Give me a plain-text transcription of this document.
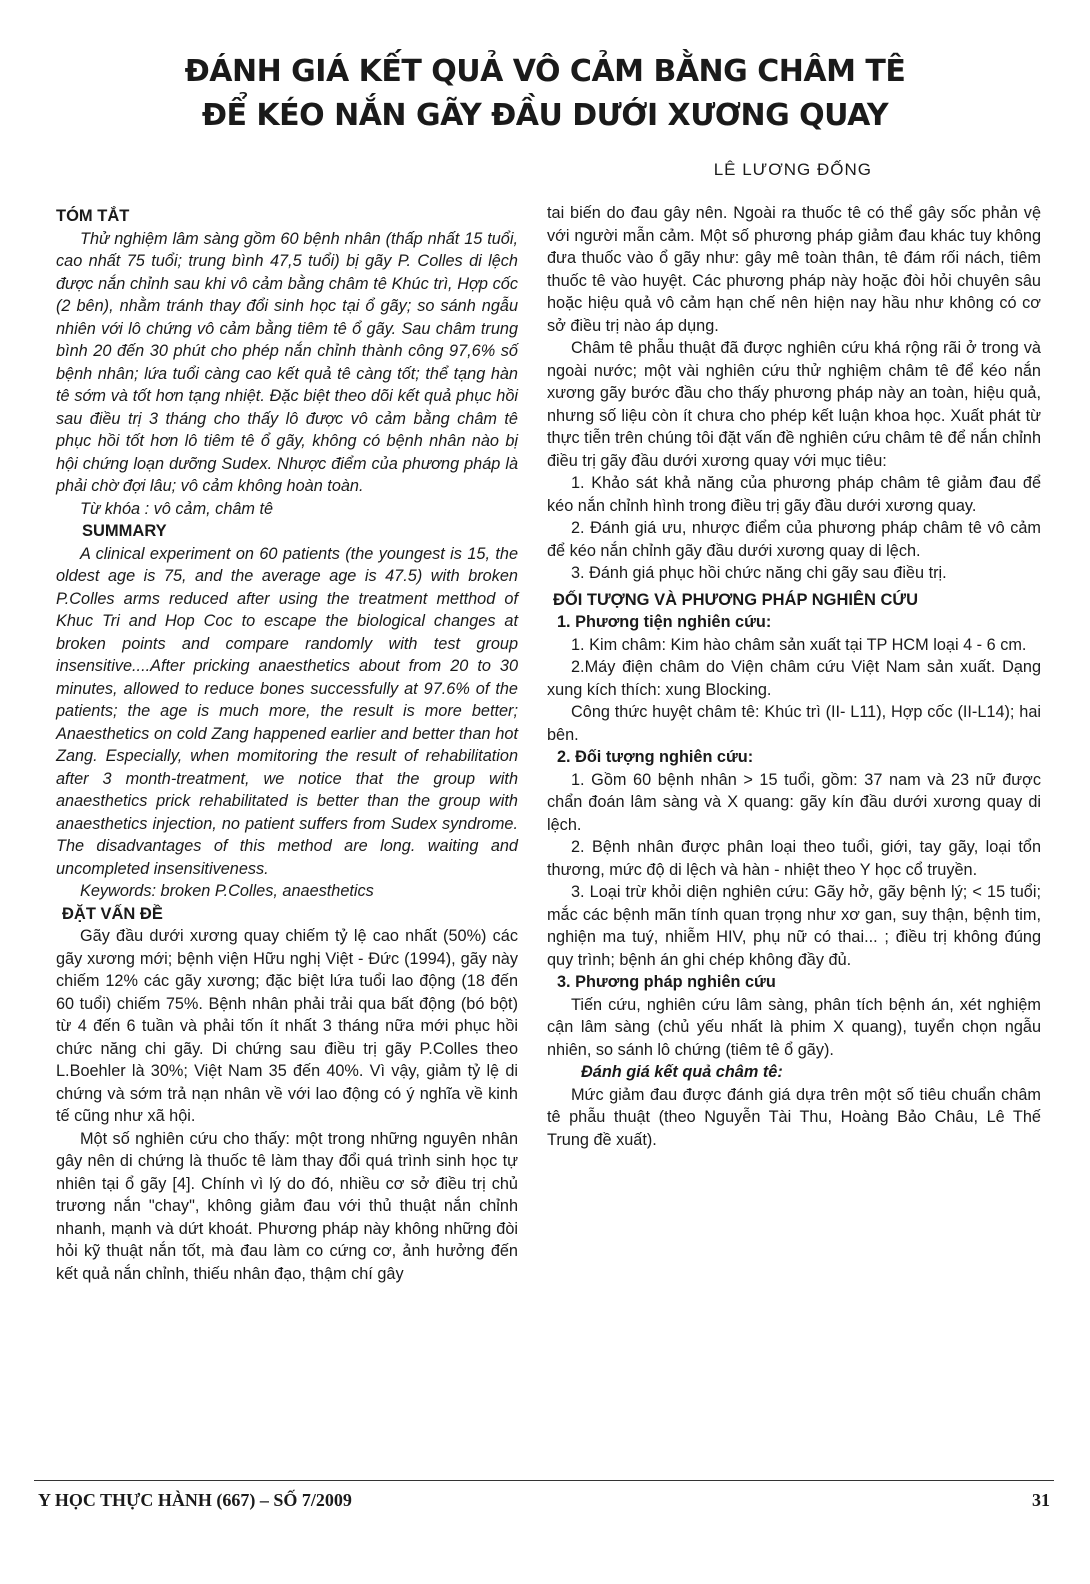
ĐÁNH GIÁ KẾT QUẢ VÔ CẢM BẰNG CHÂM TÊ
ĐỂ KÉO NẮN GÃY ĐẦU DƯỚI XƯƠNG QUAY

LÊ LƯƠNG ĐỐNG

TÓM TẮT

Thử nghiệm lâm sàng gồm 60 bệnh nhân (thấp nhất 15 tuổi, cao nhất 75 tuổi; trung bình 47,5 tuổi) bị gãy P. Colles di lệch được nắn chỉnh sau khi vô cảm bằng châm tê Khúc trì, Hợp cốc (2 bên), nhằm tránh thay đổi sinh học tại ổ gãy; so sánh ngẫu nhiên với lô chứng vô cảm bằng tiêm tê ổ gãy. Sau châm trung bình 20 đến 30 phút cho phép nắn chỉnh thành công 97,6% số bệnh nhân; lứa tuổi càng cao kết quả tê càng tốt; thể tạng hàn tê sớm và tốt hơn tạng nhiệt. Đặc biệt theo dõi kết quả phục hồi sau điều trị 3 tháng cho thấy lô được vô cảm bằng châm tê phục hồi tốt hơn lô tiêm tê ổ gãy, không có bệnh nhân nào bị hội chứng loạn dưỡng Sudex. Nhược điểm của phương pháp là phải chờ đợi lâu; vô cảm không hoàn toàn.

Từ khóa : vô cảm, châm tê

SUMMARY

A clinical experiment on 60 patients (the youngest is 15, the oldest age is 75, and the average age is 47.5) with broken P.Colles arms reduced after using the treatment metthod of Khuc Tri and Hop Coc to escape the biological changes at broken points and compare randomly with test group insensitive....After pricking anaesthetics about from 20 to 30 minutes, allowed to reduce bones successfully at 97.6% of the patients; the age is much more, the result is more better; Anaesthetics on cold Zang happened earlier and better than hot Zang. Especially, when momitoring the result of rehabilitation after 3 month-treatment, we notice that the group with anaesthetics prick rehabilitated is better than the group with anaesthetics injection, no patient suffers from Sudex syndrome. The disadvantages of this method are long. waiting and uncompleted insensitiveness.

Keywords: broken P.Colles, anaesthetics

ĐẶT VẤN ĐỀ

Gãy đầu dưới xương quay chiếm tỷ lệ cao nhất (50%) các gãy xương mới; bệnh viện Hữu nghị Việt - Đức (1994), gãy này chiếm 12% các gãy xương; đặc biệt lứa tuổi lao động (18 đến 60 tuổi) chiếm 75%. Bệnh nhân phải trải qua bất động (bó bột) từ 4 đến 6 tuần và phải tốn ít nhất 3 tháng nữa mới phục hồi chức năng chi gãy. Di chứng sau điều trị gãy P.Colles theo L.Boehler là 30%; Việt Nam 35 đến 40%. Vì vậy, giảm tỷ lệ di chứng và sớm trả nạn nhân về với lao động có ý nghĩa về kinh tế cũng như xã hội.

Một số nghiên cứu cho thấy: một trong những nguyên nhân gây nên di chứng là thuốc tê làm thay đổi quá trình sinh học tự nhiên tại ổ gãy [4]. Chính vì lý do đó, nhiều cơ sở điều trị chủ trương nắn "chay", không giảm đau với thủ thuật nắn chỉnh nhanh, mạnh và dứt khoát. Phương pháp này không những đòi hỏi kỹ thuật nắn tốt, mà đau làm co cứng cơ, ảnh hưởng đến kết quả nắn chỉnh, thiếu nhân đạo, thậm chí gây

tai biến do đau gây nên. Ngoài ra thuốc tê có thể gây sốc phản vệ với người mẫn cảm. Một số phương pháp giảm đau khác tuy không đưa thuốc vào ổ gãy như: gây mê toàn thân, tê đám rối nách, tiêm thuốc tê vào huyệt. Các phương pháp này hoặc đòi hỏi chuyên sâu hoặc hiệu quả vô cảm hạn chế nên hiện nay hầu như không có cơ sở điều trị nào áp dụng.

Châm tê phẫu thuật đã được nghiên cứu khá rộng rãi ở trong và ngoài nước; một vài nghiên cứu thử nghiệm châm tê để kéo nắn xương gãy bước đầu cho thấy phương pháp này an toàn, hiệu quả, nhưng số liệu còn ít chưa cho phép kết luận khoa học. Xuất phát từ thực tiễn trên chúng tôi đặt vấn đề nghiên cứu châm tê để nắn chỉnh điều trị gãy đầu dưới xương quay với mục tiêu:

1. Khảo sát khả năng của phương pháp châm tê giảm đau để kéo nắn chỉnh hình trong điều trị gãy đầu dưới xương quay.

2. Đánh giá ưu, nhược điểm của phương pháp châm tê vô cảm để kéo nắn chỉnh gãy đầu dưới xương quay di lệch.

3. Đánh giá phục hồi chức năng chi gãy sau điều trị.

ĐỐI TƯỢNG VÀ PHƯƠNG PHÁP NGHIÊN CỨU

1. Phương tiện nghiên cứu:

1. Kim châm: Kim hào châm sản xuất tại TP HCM loại 4 - 6 cm.

2.Máy điện châm do Viện châm cứu Việt Nam sản xuất. Dạng xung kích thích: xung Blocking.

Công thức huyệt châm tê: Khúc trì (II- L11), Hợp cốc (II-L14); hai bên.

2. Đối tượng nghiên cứu:

1. Gồm 60 bệnh nhân > 15 tuổi, gồm: 37 nam và 23 nữ được chẩn đoán lâm sàng và X quang: gãy kín đầu dưới xương quay di lệch.

2. Bệnh nhân được phân loại theo tuổi, giới, tay gãy, loại tổn thương, mức độ di lệch và hàn - nhiệt theo Y học cổ truyền.

3. Loại trừ khỏi diện nghiên cứu: Gãy hở, gãy bệnh lý; < 15 tuổi; mắc các bệnh mãn tính quan trọng như xơ gan, suy thận, bệnh tim, nghiện ma tuý, nhiễm HIV, phụ nữ có thai... ; điều trị không đúng quy trình; bệnh án ghi chép không đầy đủ.

3. Phương pháp nghiên cứu

Tiến cứu, nghiên cứu lâm sàng, phân tích bệnh án, xét nghiệm cận lâm sàng (chủ yếu nhất là phim X quang), tuyển chọn ngẫu nhiên, so sánh lô chứng (tiêm tê ổ gãy).

Đánh giá kết quả châm tê:

Mức giảm đau được đánh giá dựa trên một số tiêu chuẩn châm tê phẫu thuật (theo Nguyễn Tài Thu, Hoàng Bảo Châu, Lê Thế Trung đề xuất).

Y HỌC THỰC HÀNH (667) – SỐ 7/2009	31
